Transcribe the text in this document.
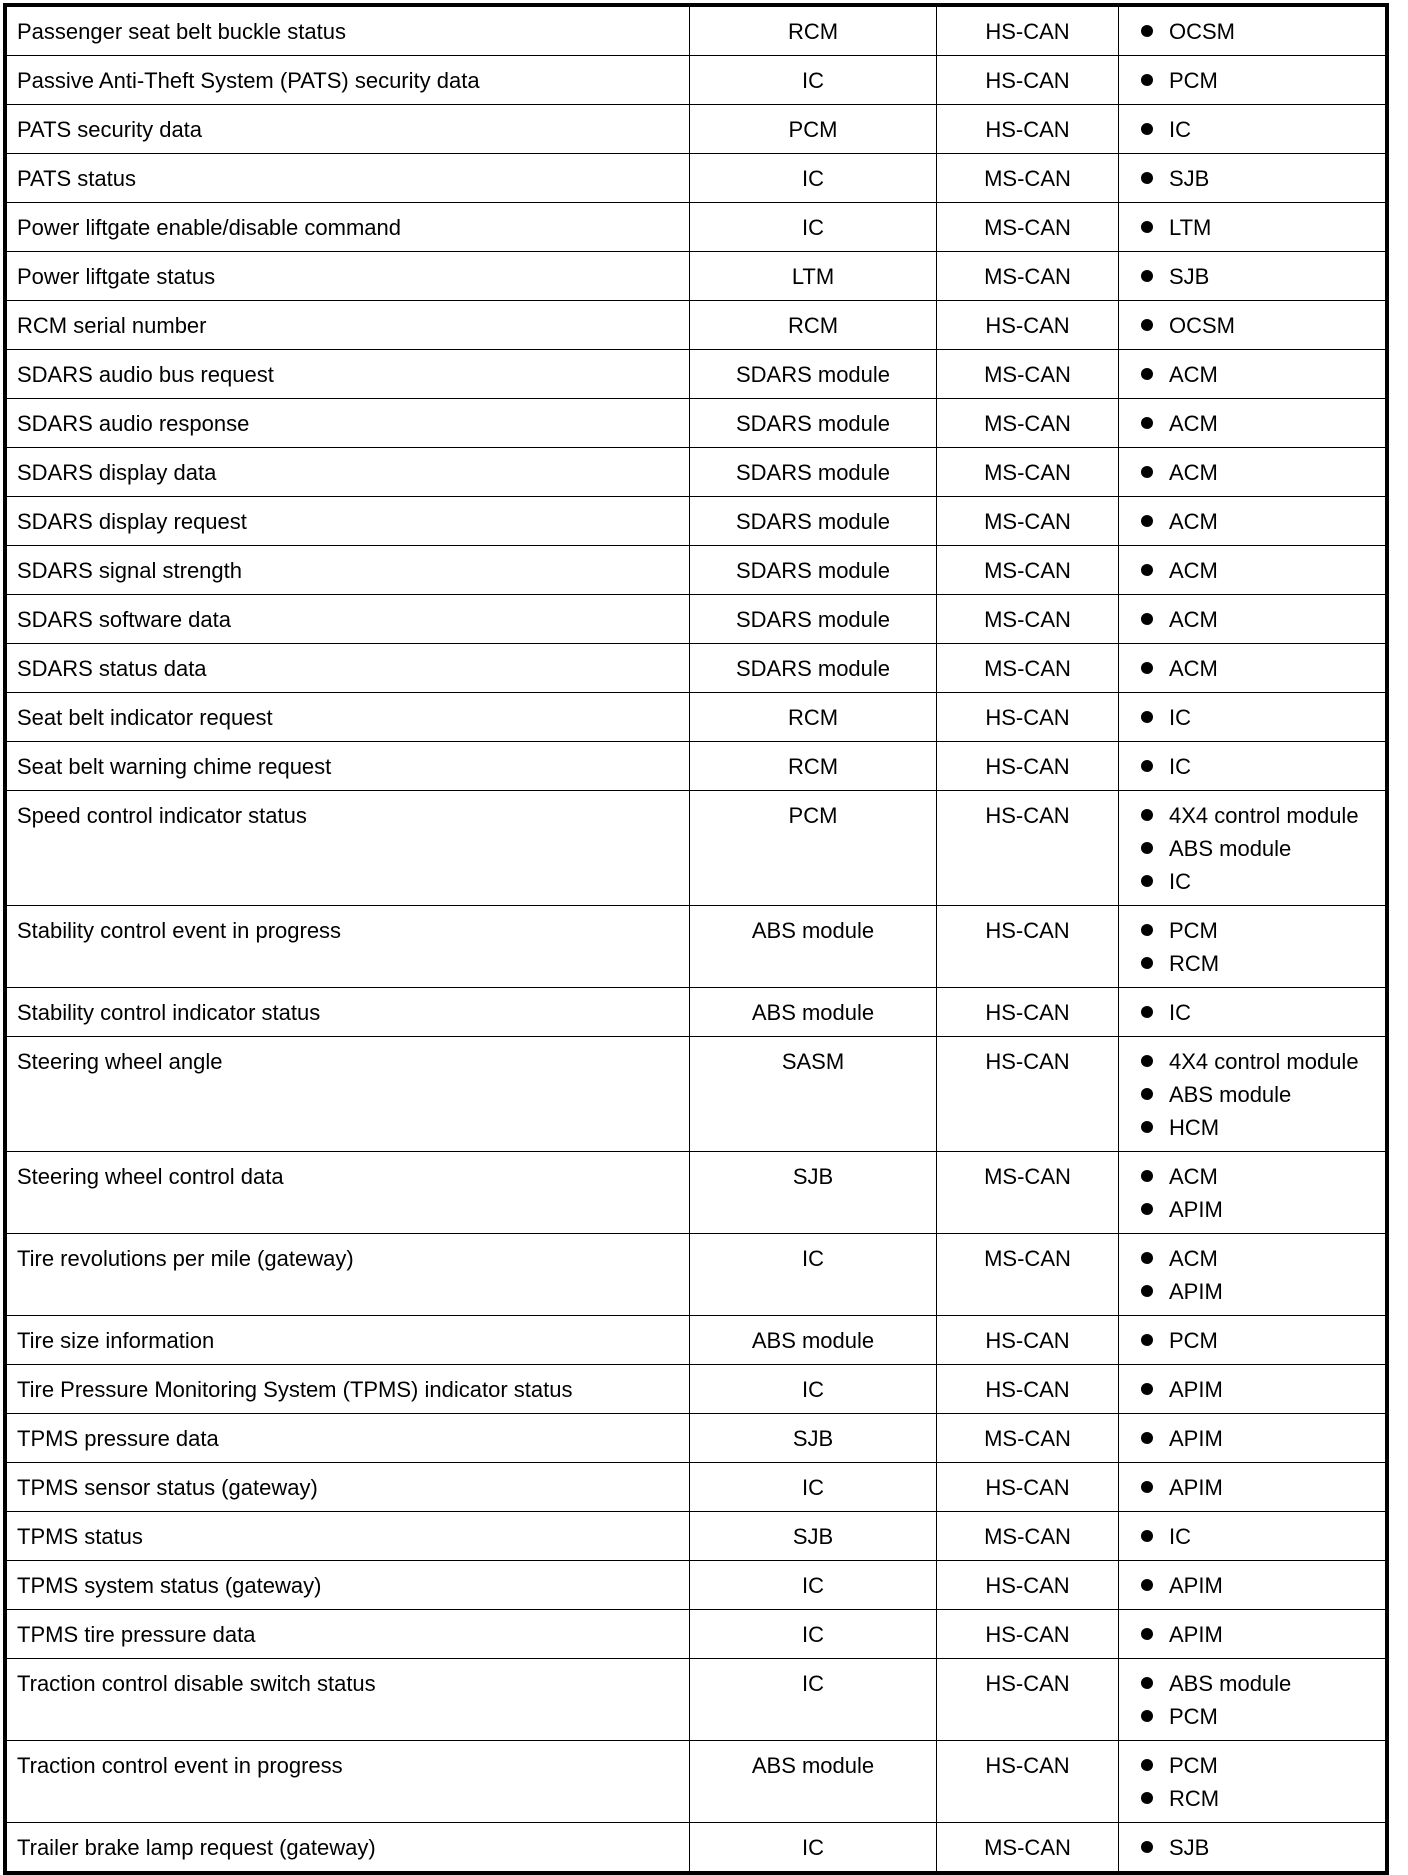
Passenger seat belt buckle status	RCM	HS-CAN	OCSM

Passive Anti-Theft System (PATS) security data	IC	HS-CAN	PCM

PATS security data	PCM	HS-CAN	IC

PATS status	IC	MS-CAN	SJB

Power liftgate enable/disable command	IC	MS-CAN	LTM

Power liftgate status	LTM	MS-CAN	SJB

RCM serial number	RCM	HS-CAN	OCSM

SDARS audio bus request	SDARS module	MS-CAN	ACM

SDARS audio response	SDARS module	MS-CAN	ACM

SDARS display data	SDARS module	MS-CAN	ACM

SDARS display request	SDARS module	MS-CAN	ACM

SDARS signal strength	SDARS module	MS-CAN	ACM

SDARS software data	SDARS module	MS-CAN	ACM

SDARS status data	SDARS module	MS-CAN	ACM

Seat belt indicator request	RCM	HS-CAN	IC

Seat belt warning chime request	RCM	HS-CAN	IC

Speed control indicator status	PCM	HS-CAN	4X4 control module
ABS module
IC

Stability control event in progress	ABS module	HS-CAN	PCM
RCM

Stability control indicator status	ABS module	HS-CAN	IC

Steering wheel angle	SASM	HS-CAN	4X4 control module
ABS module
HCM

Steering wheel control data	SJB	MS-CAN	ACM
APIM

Tire revolutions per mile (gateway)	IC	MS-CAN	ACM
APIM

Tire size information	ABS module	HS-CAN	PCM

Tire Pressure Monitoring System (TPMS) indicator status	IC	HS-CAN	APIM

TPMS pressure data	SJB	MS-CAN	APIM

TPMS sensor status (gateway)	IC	HS-CAN	APIM

TPMS status	SJB	MS-CAN	IC

TPMS system status (gateway)	IC	HS-CAN	APIM

TPMS tire pressure data	IC	HS-CAN	APIM

Traction control disable switch status	IC	HS-CAN	ABS module
PCM

Traction control event in progress	ABS module	HS-CAN	PCM
RCM

Trailer brake lamp request (gateway)	IC	MS-CAN	SJB
